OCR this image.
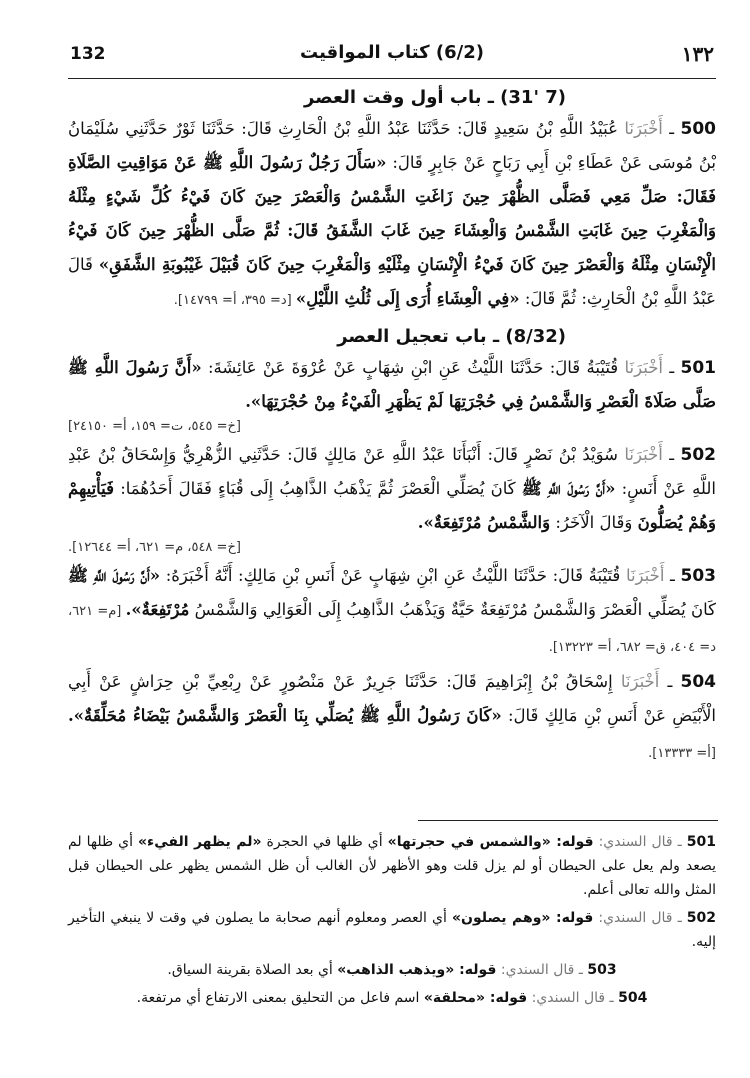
١٣٢
(6/2) كتاب المواقيت
132
(7 '31) ـ باب أول وقت العصر

500 ـ أَخْبَرَنَا عُبَيْدُ اللَّهِ بْنُ سَعِيدٍ قَالَ: حَدَّثَنَا عَبْدُ اللَّهِ بْنُ الْحَارِثِ قَالَ: حَدَّثَنَا ثَوْرٌ حَدَّثَنِي سُلَيْمَانُ بْنُ مُوسَى عَنْ عَطَاءِ بْنِ أَبِي رَبَاحٍ عَنْ جَابِرٍ قَالَ: «سَأَلَ رَجُلٌ رَسُولَ اللَّهِ ﷺ عَنْ مَوَاقِيتِ الصَّلَاةِ فَقَالَ: صَلِّ مَعِي فَصَلَّى الظُّهْرَ حِينَ زَاغَتِ الشَّمْسُ وَالْعَصْرَ حِينَ كَانَ فَيْءُ كُلِّ شَيْءٍ مِثْلَهُ وَالْمَغْرِبَ حِينَ غَابَتِ الشَّمْسُ وَالْعِشَاءَ حِينَ غَابَ الشَّفَقُ قَالَ: ثُمَّ صَلَّى الظُّهْرَ حِينَ كَانَ فَيْءُ الْإِنْسَانِ مِثْلَهُ وَالْعَصْرَ حِينَ كَانَ فَيْءُ الْإِنْسَانِ مِثْلَيْهِ وَالْمَغْرِبَ حِينَ كَانَ قُبَيْلَ غَيْبُوبَةِ الشَّفَقِ» قَالَ عَبْدُ اللَّهِ بْنُ الْحَارِثِ: ثُمَّ قَالَ: «فِي الْعِشَاءِ أُرَى إِلَى ثُلُثِ اللَّيْلِ» [د= ٣٩٥، أ= ١٤٧٩٩].

(8/32) ـ باب تعجيل العصر

501 ـ أَخْبَرَنَا قُتَيْبَةُ قَالَ: حَدَّثَنَا اللَّيْثُ عَنِ ابْنِ شِهَابٍ عَنْ عُرْوَةَ عَنْ عَائِشَةَ: «أَنَّ رَسُولَ اللَّهِ ﷺ صَلَّى صَلَاةَ الْعَصْرِ وَالشَّمْسُ فِي حُجْرَتِهَا لَمْ يَظْهَرِ الْفَيْءُ مِنْ حُجْرَتِهَا».

[خ= ٥٤٥، ت= ١٥٩، أ= ٢٤١٥٠]

502 ـ أَخْبَرَنَا سُوَيْدُ بْنُ نَصْرٍ قَالَ: أَنْبَأَنَا عَبْدُ اللَّهِ عَنْ مَالِكٍ قَالَ: حَدَّثَنِي الزُّهْرِيُّ وَإِسْحَاقُ بْنُ عَبْدِ اللَّهِ عَنْ أَنَسٍ: «أَنَّ رَسُولَ اللَّهِ ﷺ كَانَ يُصَلِّي الْعَصْرَ ثُمَّ يَذْهَبُ الذَّاهِبُ إِلَى قُبَاءٍ فَقَالَ أَحَدُهُمَا: فَيَأْتِيهِمْ وَهُمْ يُصَلُّونَ وَقَالَ الْآخَرُ: وَالشَّمْسُ مُرْتَفِعَةٌ».

[خ= ٥٤٨، م= ٦٢١، أ= ١٢٦٤٤].

503 ـ أَخْبَرَنَا قُتَيْبَةُ قَالَ: حَدَّثَنَا اللَّيْثُ عَنِ ابْنِ شِهَابٍ عَنْ أَنَسِ بْنِ مَالِكٍ: أَنَّهُ أَخْبَرَهُ: «أَنَّ رَسُولَ اللَّهِ ﷺ كَانَ يُصَلِّي الْعَصْرَ وَالشَّمْسُ مُرْتَفِعَةٌ حَيَّةٌ وَيَذْهَبُ الذَّاهِبُ إِلَى الْعَوَالِي وَالشَّمْسُ مُرْتَفِعَةٌ». [م= ٦٢١، د= ٤٠٤، ق= ٦٨٢، أ= ١٣٢٢٣].

504 ـ أَخْبَرَنَا إِسْحَاقُ بْنُ إِبْرَاهِيمَ قَالَ: حَدَّثَنَا جَرِيرٌ عَنْ مَنْصُورٍ عَنْ رِبْعِيِّ بْنِ حِرَاشٍ عَنْ أَبِي الْأَبْيَضِ عَنْ أَنَسِ بْنِ مَالِكٍ قَالَ: «كَانَ رَسُولُ اللَّهِ ﷺ يُصَلِّي بِنَا الْعَصْرَ وَالشَّمْسُ بَيْضَاءُ مُحَلِّقَةٌ». [أ= ١٣٣٣٣].

501 ـ قال السندي: قوله: «والشمس في حجرتها» أي ظلها في الحجرة «لم يظهر الفيء» أي ظلها لم يصعد ولم يعل على الحيطان أو لم يزل قلت وهو الأظهر لأن الغالب أن ظل الشمس يظهر على الحيطان قبل المثل والله تعالى أعلم.

502 ـ قال السندي: قوله: «وهم يصلون» أي العصر ومعلوم أنهم صحابة ما يصلون في وقت لا ينبغي التأخير إليه.

503 ـ قال السندي: قوله: «ويذهب الذاهب» أي بعد الصلاة بقرينة السياق.

504 ـ قال السندي: قوله: «محلقة» اسم فاعل من التحليق بمعنى الارتفاع أي مرتفعة.
